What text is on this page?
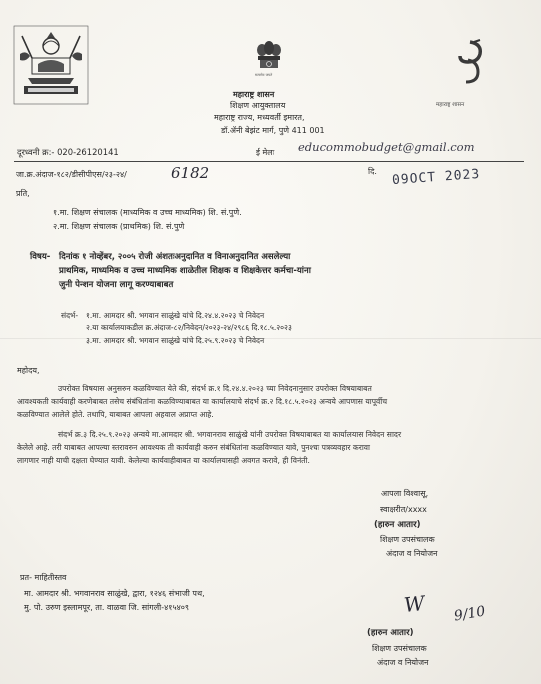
सत्यमेव जयते
महाराष्ट्र शासन
महाराष्ट्र शासन
शिक्षण आयुक्तालय
महाराष्ट्र राज्य, मध्यवर्ती इमारत,
डॉ.ॲनी बेझंट मार्ग, पुणे 411 001
दूरध्वनी क्र:- 020-26120141	ई मेलः educommobudget@gmail.com
जा.क्र.अंदाज-१८२/डीसीपीएस/२३-२४/	6182	दि. 09OCT 2023
प्रति,
१.मा. शिक्षण संचालक (माध्यमिक व उच्च माध्यमिक) शि. सं.पुणे.
२.मा. शिक्षण संचालक (प्राथमिक) शि. सं.पुणे
विषय- दिनांक १ नोव्हेंबर, २००५ रोजी अंशतःअनुदानित व विनाअनुदानित असलेल्या
प्राथमिक, माध्यमिक व उच्च माध्यमिक शाळेतील शिक्षक व शिक्षकेत्तर कर्मचा-यांना
जुनी पेन्शन योजना लागू करण्याबाबत
संदर्भ- १.मा. आमदार श्री. भगवान साळुंखे यांचे दि.२४.४.२०२३ चे निवेदन
२.या कार्यालयाकडील क्र.अंदाज-८२/निवेदन/२०२३-२४/२९८६ दि.१८.५.२०२३
३.मा. आमदार श्री. भगवान साळुंखे यांचे दि.२५.९.२०२३ चे निवेदन
महोदय,
उपरोक्त विषयास अनुसरुन कळविण्यात येते की, संदर्भ क्र.१ दि.२४.४.२०२३ च्या निवेदनानुसार उपरोक्त विषयाबाबत
आवश्यकती कार्यवाही करणेबाबत तसेच संबंधितांना कळविण्याबाबत या कार्यालयाचे संदर्भ क्र.२ दि.१८.५.२०२३ अन्वये आपणास यापूर्वीच
कळविण्यात आलेले होते. तथापि, याबाबत आपला अहवाल अप्राप्त आहे.
संदर्भ क्र.३ दि.२५.९.२०२३ अन्वये मा.आमदार श्री. भगवानराव साळुंखे यांनी उपरोक्त विषयाबाबत या कार्यालयास निवेदन सादर
केलेले आहे. तरी याबाबत आपल्या स्तरावरुन आवश्यक ती कार्यवाही करुन संबंधितांना कळविण्यात यावे, पुनश्चः पत्रव्यवहार करावा
लागणार नाही याची दक्षता घेण्यात यावी. केलेल्या कार्यवाहीबाबत या कार्यालयासही अवगत करावे, ही विनंती.
आपला विश्वासू,
स्वाक्षरीत/xxxx
(हारुन आतार)
शिक्षण उपसंचालक
अंदाज व नियोजन
प्रत- माहितीस्तव
मा. आमदार श्री. भगवानराव साळुंखे, द्वारा, १२४६ संभाजी पथ,
मु. पो. उरुण इस्लामपूर, ता. वाळवा जि. सांगली-४१५४०९	W 9/10
(हारुन आतार)
शिक्षण उपसंचालक
अंदाज व नियोजन
